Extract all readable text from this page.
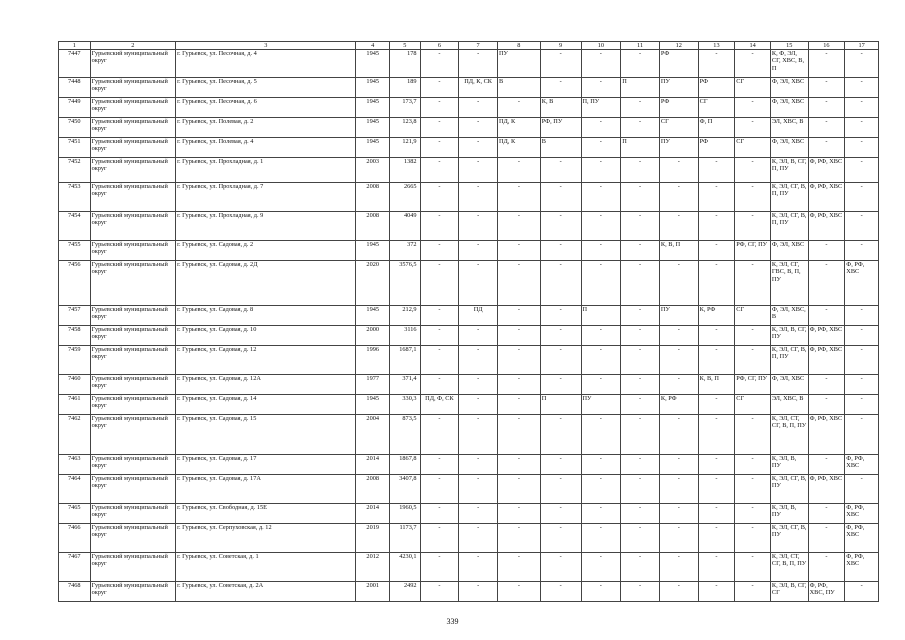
1	2	3	4	5	6	7	8	9	10	11	12	13	14	15	16	17
7447	Гурьевский муниципальный округ	г. Гурьевск, ул. Песочная, д. 4	1945	178	-	-	ПУ	-	-	-	РФ	-	-	К, Ф, ЭЛ, СГ, ХВС, В, П	-	-
7448	Гурьевский муниципальный округ	г. Гурьевск, ул. Песочная, д. 5	1945	189	-	ПД, К, СК	В	-	-	П	ПУ	РФ	СГ	Ф, ЭЛ, ХВС	-	-
7449	Гурьевский муниципальный округ	г. Гурьевск, ул. Песочная, д. 6	1945	173,7	-	-	-	К, В	П, ПУ	-	РФ	СГ	-	Ф, ЭЛ, ХВС	-	-
7450	Гурьевский муниципальный округ	г. Гурьевск, ул. Полевая, д. 2	1945	123,8	-	-	ПД, К	РФ, ПУ	-	-	СГ	Ф, П	-	ЭЛ, ХВС, В	-	-
7451	Гурьевский муниципальный округ	г. Гурьевск, ул. Полевая, д. 4	1945	121,9	-	-	ПД, К	В	-	П	ПУ	РФ	СГ	Ф, ЭЛ, ХВС	-	-
7452	Гурьевский муниципальный округ	г. Гурьевск, ул. Прохладная, д. 1	2003	1382	-	-	-	-	-	-	-	-	-	К, ЭЛ, В, СГ, П, ПУ	Ф, РФ, ХВС	-
7453	Гурьевский муниципальный округ	г. Гурьевск, ул. Прохладная, д. 7	2008	2665	-	-	-	-	-	-	-	-	-	К, ЭЛ, СГ, В, П, ПУ	Ф, РФ, ХВС	-
7454	Гурьевский муниципальный округ	г. Гурьевск, ул. Прохладная, д. 9	2008	4049	-	-	-	-	-	-	-	-	-	К, ЭЛ, СГ, В, П, ПУ	Ф, РФ, ХВС	-
7455	Гурьевский муниципальный округ	г. Гурьевск, ул. Садовая, д. 2	1945	372	-	-	-	-	-	-	К, В, П	-	РФ, СГ, ПУ	Ф, ЭЛ, ХВС	-	-
7456	Гурьевский муниципальный округ	г. Гурьевск, ул. Садовая, д. 2Д	2020	3576,5	-	-	-	-	-	-	-	-	-	К, ЭЛ, СГ, ГВС, В, П, ПУ	-	Ф, РФ, ХВС
7457	Гурьевский муниципальный округ	г. Гурьевск, ул. Садовая, д. 8	1945	212,9	-	ПД	-	-	П	-	ПУ	К, РФ	СГ	Ф, ЭЛ, ХВС, В	-	-
7458	Гурьевский муниципальный округ	г. Гурьевск, ул. Садовая, д. 10	2000	3116	-	-	-	-	-	-	-	-	-	К, ЭЛ, В, СГ, ПУ	Ф, РФ, ХВС	-
7459	Гурьевский муниципальный округ	г. Гурьевск, ул. Садовая, д. 12	1996	1687,1	-	-	-	-	-	-	-	-	-	К, ЭЛ, СГ, В, П, ПУ	Ф, РФ, ХВС	-
7460	Гурьевский муниципальный округ	г. Гурьевск, ул. Садовая, д. 12А	1977	371,4	-	-	-	-	-	-	-	К, В, П	РФ, СГ, ПУ	Ф, ЭЛ, ХВС	-	-
7461	Гурьевский муниципальный округ	г. Гурьевск, ул. Садовая, д. 14	1945	330,3	ПД, Ф, СК	-	-	П	ПУ	-	К, РФ	-	СГ	ЭЛ, ХВС, В	-	-
7462	Гурьевский муниципальный округ	г. Гурьевск, ул. Садовая, д. 15	2004	873,5	-	-	-	-	-	-	-	-	-	К, ЭЛ, СТ, СГ, В, П, ПУ	Ф, РФ, ХВС	-
7463	Гурьевский муниципальный округ	г. Гурьевск, ул. Садовая, д. 17	2014	1867,8	-	-	-	-	-	-	-	-	-	К, ЭЛ, В, ПУ	-	Ф, РФ, ХВС
7464	Гурьевский муниципальный округ	г. Гурьевск, ул. Садовая, д. 17А	2008	3407,8	-	-	-	-	-	-	-	-	-	К, ЭЛ, СГ, В, ПУ	Ф, РФ, ХВС	-
7465	Гурьевский муниципальный округ	г. Гурьевск, ул. Свободная, д. 15Е	2014	1960,5	-	-	-	-	-	-	-	-	-	К, ЭЛ, В, ПУ	-	Ф, РФ, ХВС
7466	Гурьевский муниципальный округ	г. Гурьевск, ул. Серпуховская, д. 12	2019	1173,7	-	-	-	-	-	-	-	-	-	К, ЭЛ, СГ, В, ПУ	-	Ф, РФ, ХВС
7467	Гурьевский муниципальный округ	г. Гурьевск, ул. Советская, д. 1	2012	4230,1	-	-	-	-	-	-	-	-	-	К, ЭЛ, СТ, СГ, В, П, ПУ	-	Ф, РФ, ХВС
7468	Гурьевский муниципальный округ	г. Гурьевск, ул. Советская, д. 2А	2001	2492	-	-	-	-	-	-	-	-	-	К, ЭЛ, В, СГ, СГ	Ф, РФ, ХВС, ПУ	-
339
